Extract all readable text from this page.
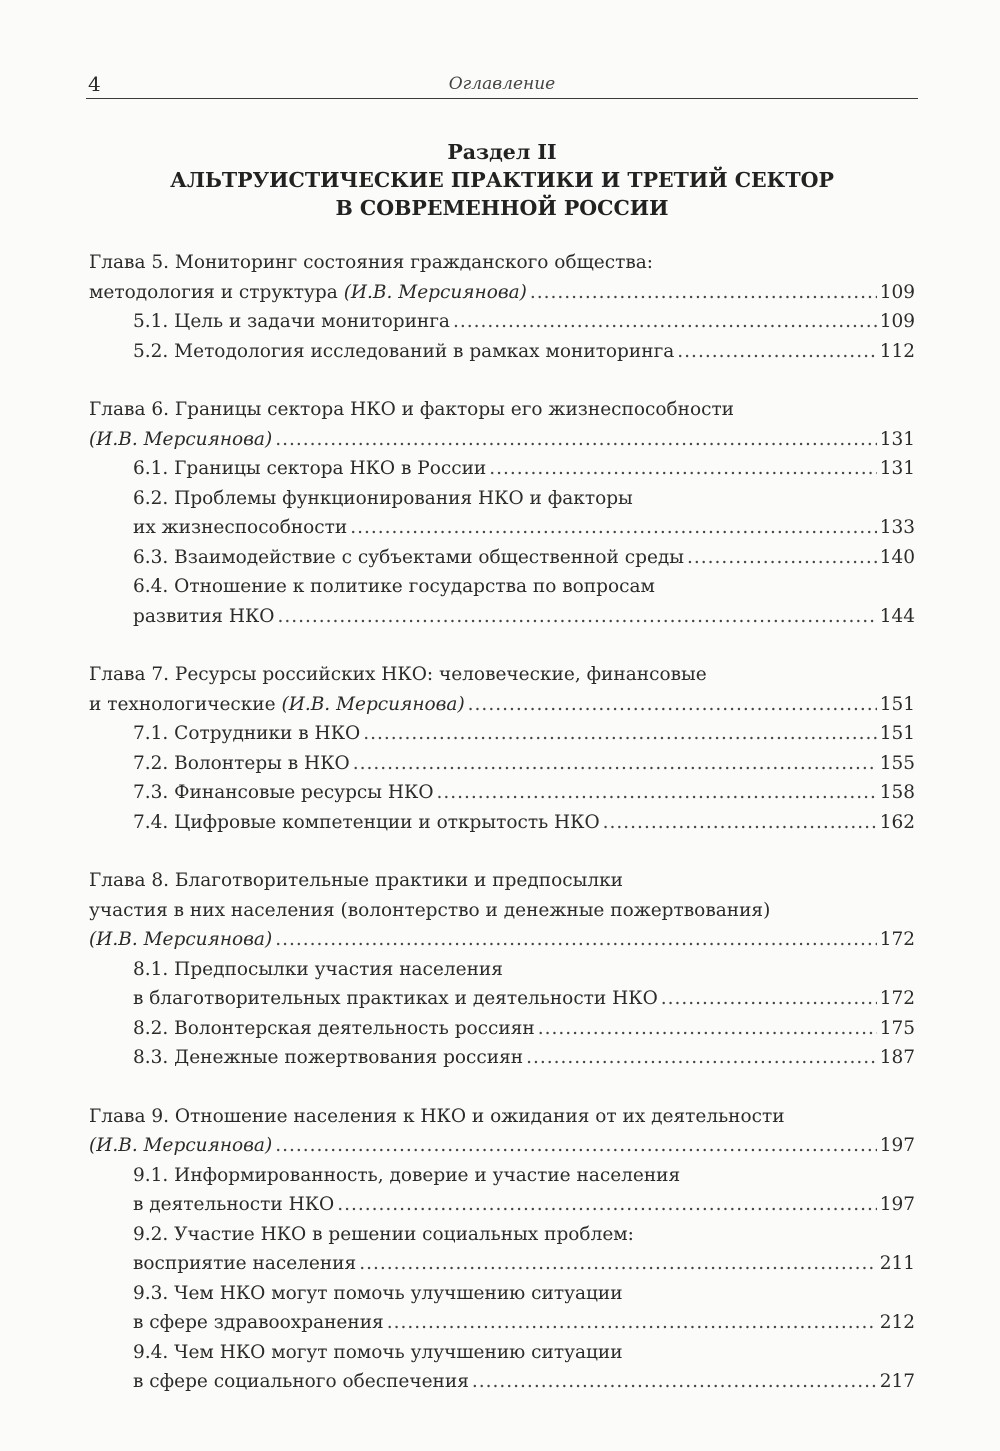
4	Оглавление
Раздел II
АЛЬТРУИСТИЧЕСКИЕ ПРАКТИКИ И ТРЕТИЙ СЕКТОР
В СОВРЕМЕННОЙ РОССИИ
Глава 5. Мониторинг состояния гражданского общества:
методология и структура (И.В. Мерсиянова) .....	109
5.1. Цель и задачи мониторинга .....	109
5.2. Методология исследований в рамках мониторинга .....	112
Глава 6. Границы сектора НКО и факторы его жизнеспособности
(И.В. Мерсиянова) .....	131
6.1. Границы сектора НКО в России .....	131
6.2. Проблемы функционирования НКО и факторы
их жизнеспособности .....	133
6.3. Взаимодействие с субъектами общественной среды .....	140
6.4. Отношение к политике государства по вопросам
развития НКО .....	144
Глава 7. Ресурсы российских НКО: человеческие, финансовые
и технологические (И.В. Мерсиянова) .....	151
7.1. Сотрудники в НКО .....	151
7.2. Волонтеры в НКО .....	155
7.3. Финансовые ресурсы НКО .....	158
7.4. Цифровые компетенции и открытость НКО .....	162
Глава 8. Благотворительные практики и предпосылки
участия в них населения (волонтерство и денежные пожертвования)
(И.В. Мерсиянова) .....	172
8.1. Предпосылки участия населения
в благотворительных практиках и деятельности НКО .....	172
8.2. Волонтерская деятельность россиян .....	175
8.3. Денежные пожертвования россиян .....	187
Глава 9. Отношение населения к НКО и ожидания от их деятельности
(И.В. Мерсиянова) .....	197
9.1. Информированность, доверие и участие населения
в деятельности НКО .....	197
9.2. Участие НКО в решении социальных проблем:
восприятие населения .....	211
9.3. Чем НКО могут помочь улучшению ситуации
в сфере здравоохранения .....	212
9.4. Чем НКО могут помочь улучшению ситуации
в сфере социального обеспечения .....	217
